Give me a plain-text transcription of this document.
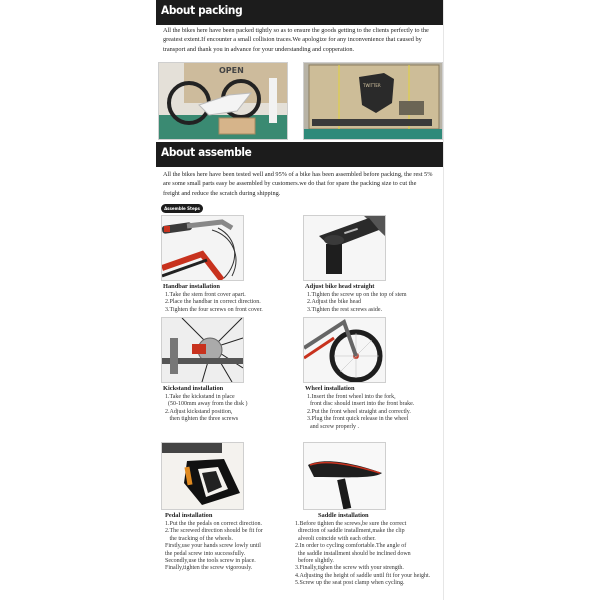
About packing
All the bikes here have been packed tightly so as to ensure the goods getting to the clients perfectly to the greatest extent.If encounter a small collision traces.We apologize for any inconvenience that caused by transport and thank you in advance for your understanding and copperation.
OPEN
TWITTER
About assemble
All the bikes here have been tested well and 95% of a bike has been assembled before packing, the rest 5% are some small parts easy be assembled by customers.we do that for spare the packing size to cut the freight and reduce the scratch during shipping.
Assemble Steps
Handbar installation
1.Take the stem front cover apart.
2.Place the handbar in correct direction.
3.Tighten the four screws on front cover.
Adjust bike head straight
1.Tighten the screw up on the top of stem
2.Adjust the bike head
3.Tighten the rest screws aside.
Kickstand installation
1.Take the kickstand in place
(50-100mm away from the disk )
2.Adjust kickstand position,
then tighten the three screws
Wheel installation
1.Insert the front wheel into the fork,
front disc should insert into the front brake.
2.Put the front wheel straight and correctly.
3.Plug the front quick release in the wheel
and screw properly .
Pedal installation
1.Put the the pedals on correct direction.
2.The screwed direction should be fit for
the tracking of the wheels.
Firstly,use your hands screw lowly until
the pedal screw into successfully.
Secondly,use the tools screw in place.
Finally,tighten the screw vigorously.
Saddle installation
1.Before tighten the screws,be sure the correct
direction of saddle installment,make the clip
alveoli coincide with each other.
2.In order to cycling comfortable.The angle of
the saddle installment should be inclined down
before slightly.
3.Finally,tighen the screw with your strength.
4.Adjusting the height of saddle until fit for your height.
5.Screw up the seat post clamp when cycling.
